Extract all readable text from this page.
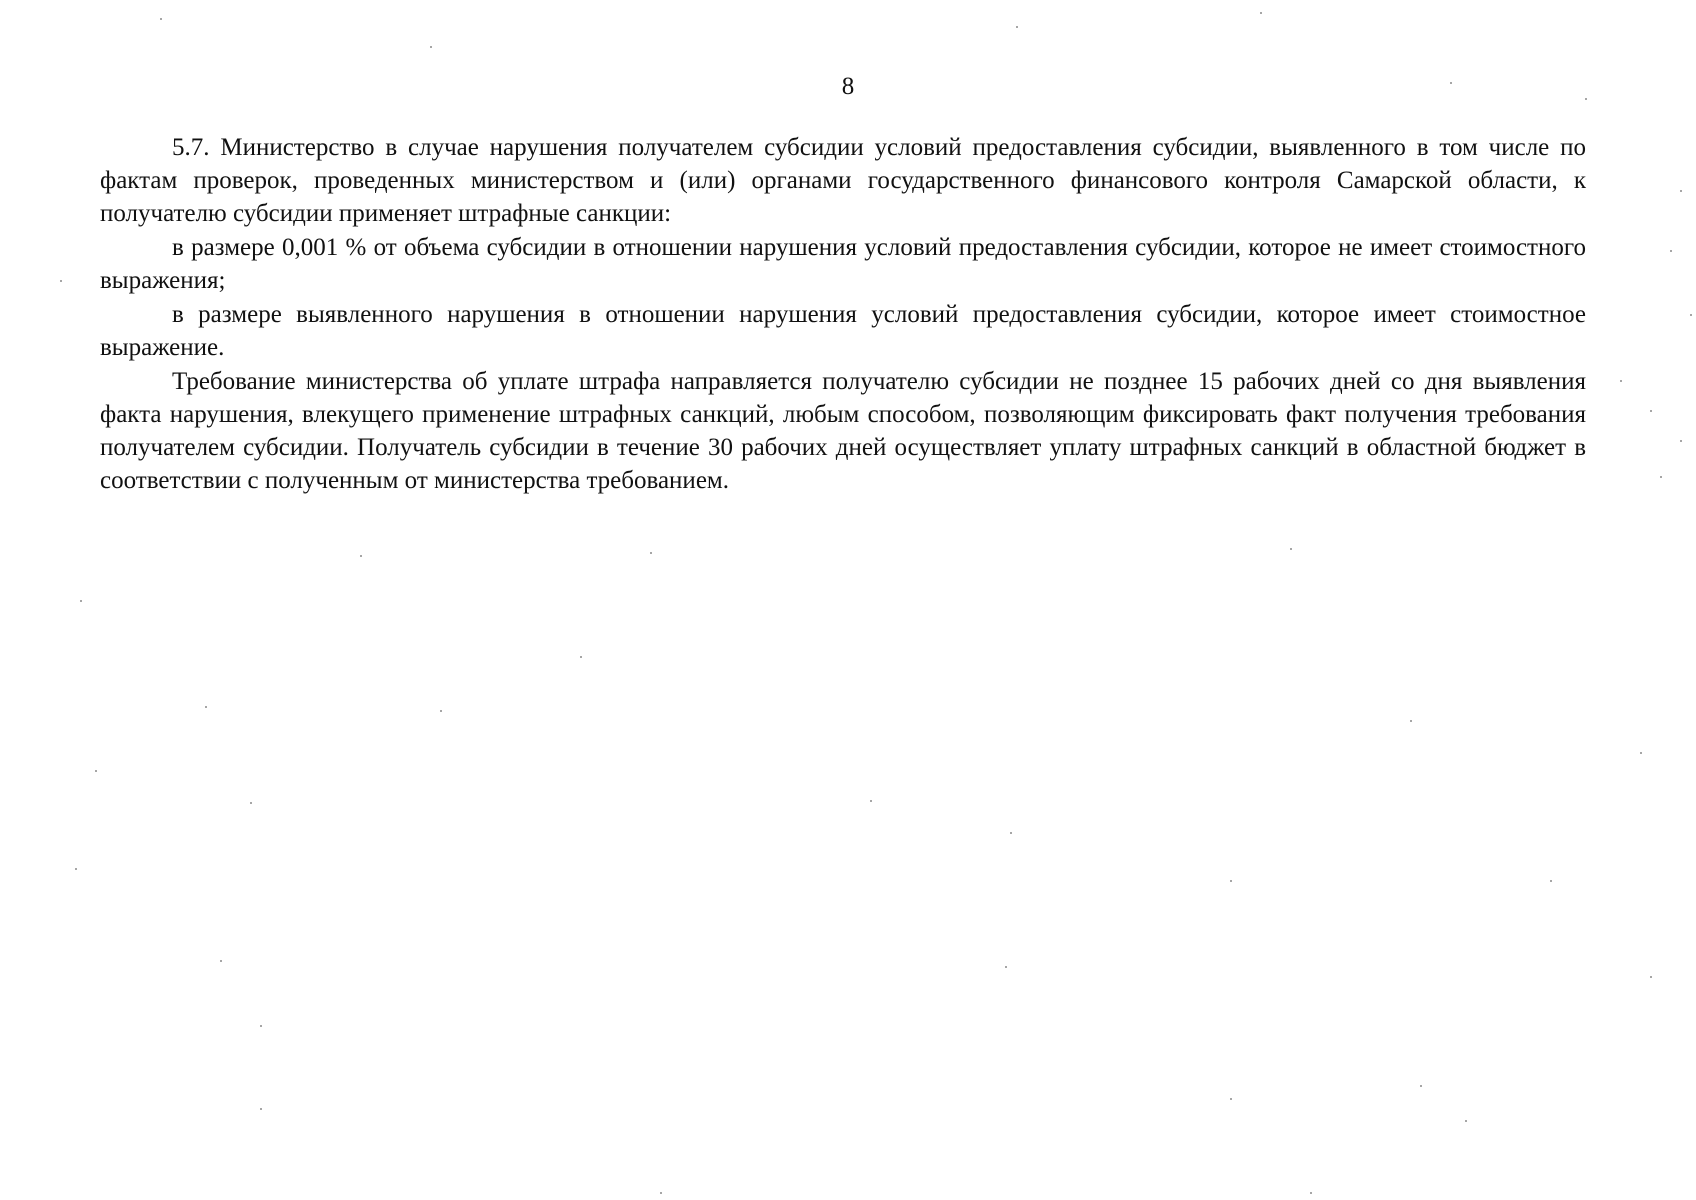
8

5.7. Министерство в случае нарушения получателем субсидии условий предоставления субсидии, выявленного в том числе по фактам проверок, проведенных министерством и (или) органами государственного финансового контроля Самарской области, к получателю субсидии применяет штрафные санкции:

в размере 0,001 % от объема субсидии в отношении нарушения условий предоставления субсидии, которое не имеет стоимостного выражения;

в размере выявленного нарушения в отношении нарушения условий предоставления субсидии, которое имеет стоимостное выражение.

Требование министерства об уплате штрафа направляется получателю субсидии не позднее 15 рабочих дней со дня выявления факта нарушения, влекущего применение штрафных санкций, любым способом, позволяющим фиксировать факт получения требования получателем субсидии. Получатель субсидии в течение 30 рабочих дней осуществляет уплату штрафных санкций в областной бюджет в соответствии с полученным от министерства требованием.
